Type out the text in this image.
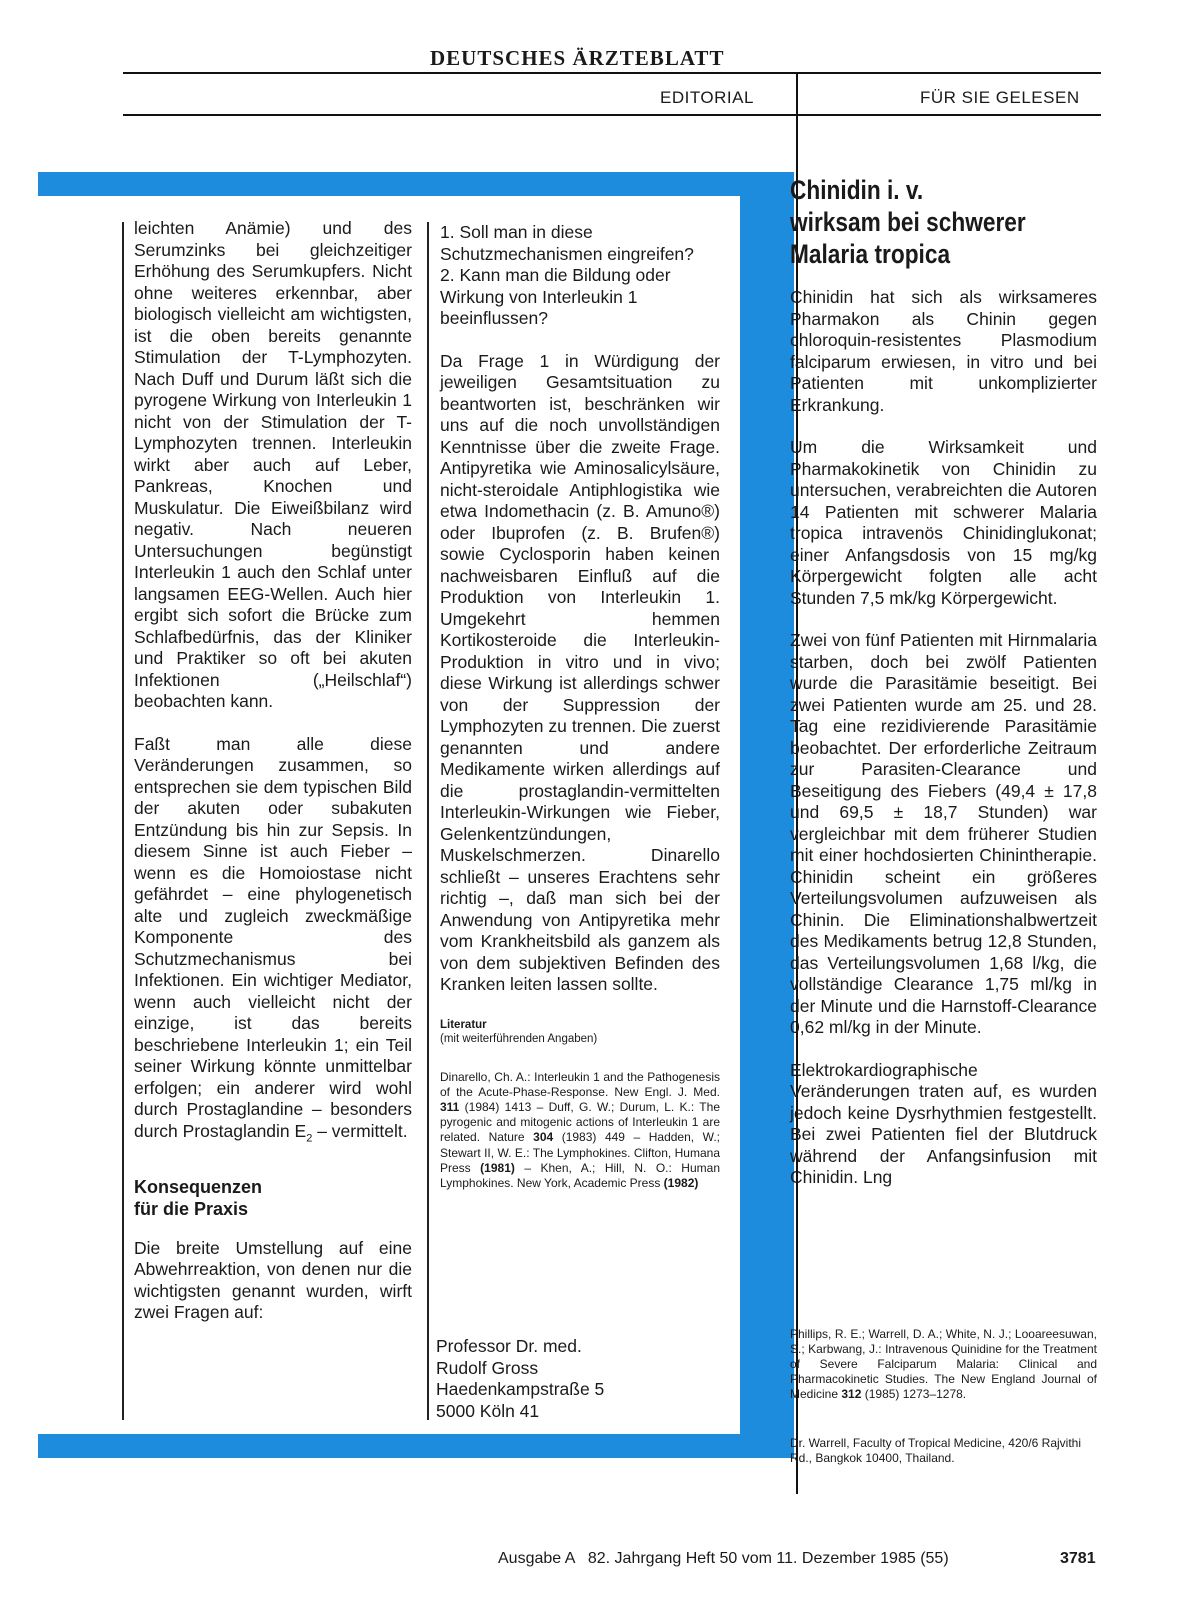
DEUTSCHES ÄRZTEBLATT
EDITORIAL	FÜR SIE GELESEN

leichten Anämie) und des Serumzinks bei gleichzeitiger Erhöhung des Serumkupfers. Nicht ohne weiteres erkennbar, aber biologisch vielleicht am wichtigsten, ist die oben bereits genannte Stimulation der T-Lymphozyten. Nach Duff und Durum läßt sich die pyrogene Wirkung von Interleukin 1 nicht von der Stimulation der T-Lymphozyten trennen. Interleukin wirkt aber auch auf Leber, Pankreas, Knochen und Muskulatur. Die Eiweißbilanz wird negativ. Nach neueren Untersuchungen begünstigt Interleukin 1 auch den Schlaf unter langsamen EEG-Wellen. Auch hier ergibt sich sofort die Brücke zum Schlafbedürfnis, das der Kliniker und Praktiker so oft bei akuten Infektionen („Heilschlaf“) beobachten kann.

Faßt man alle diese Veränderungen zusammen, so entsprechen sie dem typischen Bild der akuten oder subakuten Entzündung bis hin zur Sepsis. In diesem Sinne ist auch Fieber – wenn es die Homoiostase nicht gefährdet – eine phylogenetisch alte und zugleich zweckmäßige Komponente des Schutzmechanismus bei Infektionen. Ein wichtiger Mediator, wenn auch vielleicht nicht der einzige, ist das bereits beschriebene Interleukin 1; ein Teil seiner Wirkung könnte unmittelbar erfolgen; ein anderer wird wohl durch Prostaglandine – besonders durch Prostaglandin $E_2$ – vermittelt.

Konsequenzen
für die Praxis

Die breite Umstellung auf eine Abwehrreaktion, von denen nur die wichtigsten genannt wurden, wirft zwei Fragen auf:

1. Soll man in diese Schutzmechanismen eingreifen?
2. Kann man die Bildung oder Wirkung von Interleukin 1 beeinflussen?

Da Frage 1 in Würdigung der jeweiligen Gesamtsituation zu beantworten ist, beschränken wir uns auf die noch unvollständigen Kenntnisse über die zweite Frage. Antipyretika wie Aminosalicylsäure, nicht-steroidale Antiphlogistika wie etwa Indomethacin (z. B. Amuno®) oder Ibuprofen (z. B. Brufen®) sowie Cyclosporin haben keinen nachweisbaren Einfluß auf die Produktion von Interleukin 1. Umgekehrt hemmen Kortikosteroide die Interleukin-Produktion in vitro und in vivo; diese Wirkung ist allerdings schwer von der Suppression der Lymphozyten zu trennen. Die zuerst genannten und andere Medikamente wirken allerdings auf die prostaglandin-vermittelten Interleukin-Wirkungen wie Fieber, Gelenkentzündungen, Muskelschmerzen. Dinarello schließt – unseres Erachtens sehr richtig –, daß man sich bei der Anwendung von Antipyretika mehr vom Krankheitsbild als ganzem als von dem subjektiven Befinden des Kranken leiten lassen sollte.

Literatur
(mit weiterführenden Angaben)
Dinarello, Ch. A.: Interleukin 1 and the Pathogenesis of the Acute-Phase-Response. New Engl. J. Med. 311 (1984) 1413 – Duff, G. W.; Durum, L. K.: The pyrogenic and mitogenic actions of Interleukin 1 are related. Nature 304 (1983) 449 – Hadden, W.; Stewart II, W. E.: The Lymphokines. Clifton, Humana Press (1981) – Khen, A.; Hill, N. O.: Human Lymphokines. New York, Academic Press (1982)
Professor Dr. med.
Rudolf Gross
Haedenkampstraße 5
5000 Köln 41
Chinidin i. v.
wirksam bei schwerer
Malaria tropica

Chinidin hat sich als wirksameres Pharmakon als Chinin gegen chloroquin-resistentes Plasmodium falciparum erwiesen, in vitro und bei Patienten mit unkomplizierter Erkrankung.

Um die Wirksamkeit und Pharmakokinetik von Chinidin zu untersuchen, verabreichten die Autoren 14 Patienten mit schwerer Malaria tropica intravenös Chinidinglukonat; einer Anfangsdosis von 15 mg/kg Körpergewicht folgten alle acht Stunden 7,5 mk/kg Körpergewicht.

Zwei von fünf Patienten mit Hirnmalaria starben, doch bei zwölf Patienten wurde die Parasitämie beseitigt. Bei zwei Patienten wurde am 25. und 28. Tag eine rezidivierende Parasitämie beobachtet. Der erforderliche Zeitraum zur Parasiten-Clearance und Beseitigung des Fiebers (49,4 ± 17,8 und 69,5 ± 18,7 Stunden) war vergleichbar mit dem früherer Studien mit einer hochdosierten Chinintherapie. Chinidin scheint ein größeres Verteilungsvolumen aufzuweisen als Chinin. Die Eliminationshalbwertzeit des Medikaments betrug 12,8 Stunden, das Verteilungsvolumen 1,68 l/kg, die vollständige Clearance 1,75 ml/kg in der Minute und die Harnstoff-Clearance 0,62 ml/kg in der Minute.

Elektrokardiographische Veränderungen traten auf, es wurden jedoch keine Dysrhythmien festgestellt. Bei zwei Patienten fiel der Blutdruck während der Anfangsinfusion mit Chinidin. Lng

Phillips, R. E.; Warrell, D. A.; White, N. J.; Looareesuwan, S.; Karbwang, J.: Intravenous Quinidine for the Treatment of Severe Falciparum Malaria: Clinical and Pharmacokinetic Studies. The New England Journal of Medicine 312 (1985) 1273–1278.
Dr. Warrell, Faculty of Tropical Medicine, 420/6 Rajvithi Rd., Bangkok 10400, Thailand.
Ausgabe A   82. Jahrgang Heft 50 vom 11. Dezember 1985 (55)	3781
